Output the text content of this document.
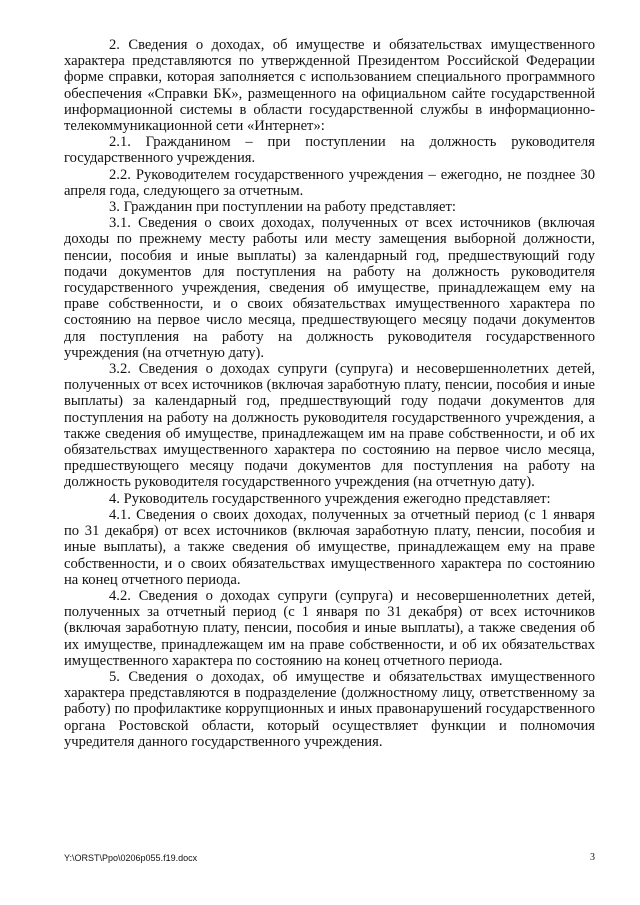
2. Сведения о доходах, об имуществе и обязательствах имущественного характера представляются по утвержденной Президентом Российской Федерации форме справки, которая заполняется с использованием специального программного обеспечения «Справки БК», размещенного на официальном сайте государственной информационной системы в области государственной службы в информационно-телекоммуникационной сети «Интернет»:

2.1. Гражданином – при поступлении на должность руководителя государственного учреждения.

2.2. Руководителем государственного учреждения – ежегодно, не позднее 30 апреля года, следующего за отчетным.

3. Гражданин при поступлении на работу представляет:

3.1. Сведения о своих доходах, полученных от всех источников (включая доходы по прежнему месту работы или месту замещения выборной должности, пенсии, пособия и иные выплаты) за календарный год, предшествующий году подачи документов для поступления на работу на должность руководителя государственного учреждения, сведения об имуществе, принадлежащем ему на праве собственности, и о своих обязательствах имущественного характера по состоянию на первое число месяца, предшествующего месяцу подачи документов для поступления на работу на должность руководителя государственного учреждения (на отчетную дату).

3.2. Сведения о доходах супруги (супруга) и несовершеннолетних детей, полученных от всех источников (включая заработную плату, пенсии, пособия и иные выплаты) за календарный год, предшествующий году подачи документов для поступления на работу на должность руководителя государственного учреждения, а также сведения об имуществе, принадлежащем им на праве собственности, и об их обязательствах имущественного характера по состоянию на первое число месяца, предшествующего месяцу подачи документов для поступления на работу на должность руководителя государственного учреждения (на отчетную дату).

4. Руководитель государственного учреждения ежегодно представляет:

4.1. Сведения о своих доходах, полученных за отчетный период (с 1 января по 31 декабря) от всех источников (включая заработную плату, пенсии, пособия и иные выплаты), а также сведения об имуществе, принадлежащем ему на праве собственности, и о своих обязательствах имущественного характера по состоянию на конец отчетного периода.

4.2. Сведения о доходах супруги (супруга) и несовершеннолетних детей, полученных за отчетный период (с 1 января по 31 декабря) от всех источников (включая заработную плату, пенсии, пособия и иные выплаты), а также сведения об их имуществе, принадлежащем им на праве собственности, и об их обязательствах имущественного характера по состоянию на конец отчетного периода.

5. Сведения о доходах, об имуществе и обязательствах имущественного характера представляются в подразделение (должностному лицу, ответственному за работу) по профилактике коррупционных и иных правонарушений государственного органа Ростовской области, который осуществляет функции и полномочия учредителя данного государственного учреждения.

Y:\ORST\Ppo\0206p055.f19.docx	3
